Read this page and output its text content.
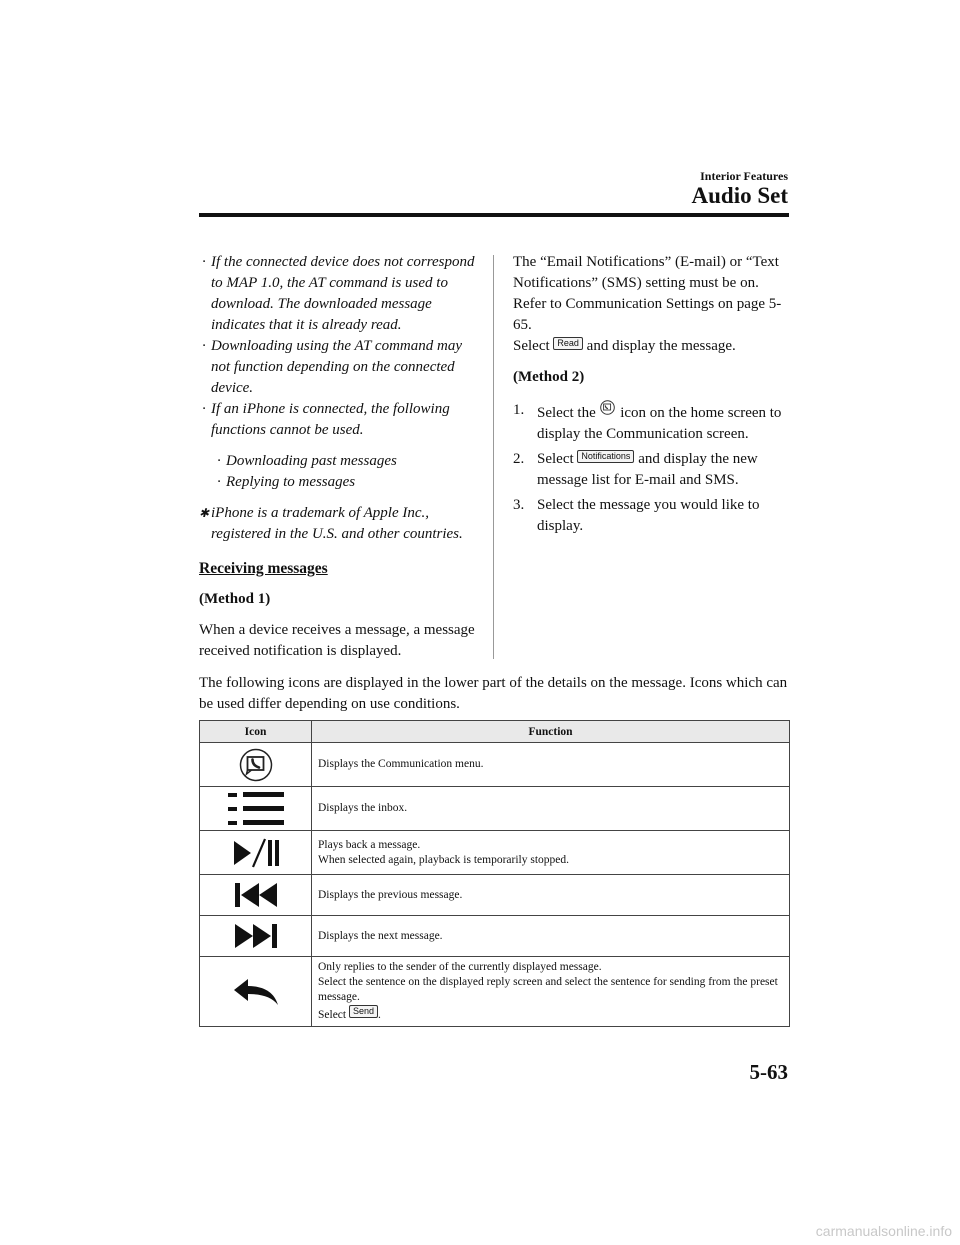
Interior Features
Audio Set
· If the connected device does not correspond to MAP 1.0, the AT command is used to download. The downloaded message indicates that it is already read.
· Downloading using the AT command may not function depending on the connected device.
· If an iPhone is connected, the following functions cannot be used.
· Downloading past messages
· Replying to messages
✱ iPhone is a trademark of Apple Inc., registered in the U.S. and other countries.
Receiving messages
(Method 1)
When a device receives a message, a message received notification is displayed.
The “Email Notifications” (E-mail) or “Text Notifications” (SMS) setting must be on.
Refer to Communication Settings on page 5-65.
Select Read and display the message.
(Method 2)
1. Select the icon on the home screen to display the Communication screen.
2. Select Notifications and display the new message list for E-mail and SMS.
3. Select the message you would like to display.
The following icons are displayed in the lower part of the details on the message. Icons which can be used differ depending on use conditions.
Icon	Function

	Displays the Communication menu.

	Displays the inbox.

Plays back a message.
When selected again, playback is temporarily stopped.

	Displays the previous message.

	Displays the next message.

Only replies to the sender of the currently displayed message.
Select the sentence on the displayed reply screen and select the sentence for sending from the preset message.
Select Send .
5-63
carmanualsonline.info
